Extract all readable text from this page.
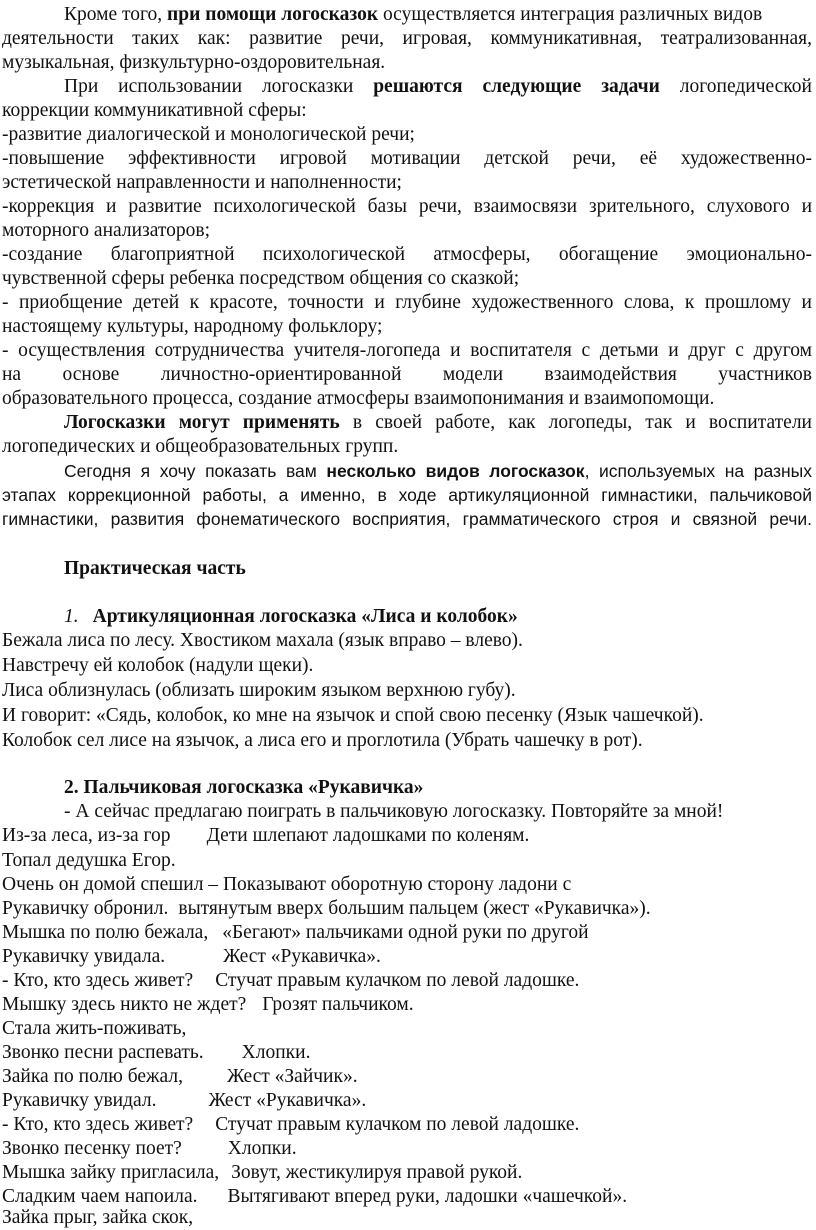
Кроме того, при помощи логосказок осуществляется интеграция различных видов
деятельности таких как: развитие речи, игровая, коммуникативная, театрализованная,
музыкальная, физкультурно-оздоровительная.
При использовании логосказки решаются следующие задачи логопедической
коррекции коммуникативной сферы:
-развитие диалогической и монологической речи;
-повышение эффективности игровой мотивации детской речи, её художественно-
эстетической направленности и наполненности;
-коррекция и развитие психологической базы речи, взаимосвязи зрительного, слухового и
моторного анализаторов;
-создание благоприятной психологической атмосферы, обогащение эмоционально-
чувственной сферы ребенка посредством общения со сказкой;
- приобщение детей к красоте, точности и глубине художественного слова, к прошлому и
настоящему культуры, народному фольклору;
- осуществления сотрудничества учителя-логопеда и воспитателя с детьми и друг с другом
на основе личностно-ориентированной модели взаимодействия участников
образовательного процесса, создание атмосферы взаимопонимания и взаимопомощи.
Логосказки могут применять в своей работе, как логопеды, так и воспитатели
логопедических и общеобразовательных групп.
Сегодня я хочу показать вам несколько видов логосказок, используемых на разных
этапах коррекционной работы, а именно, в ходе артикуляционной гимнастики, пальчиковой
гимнастики, развития фонематического восприятия, грамматического строя и связной речи.
Практическая часть
1. Артикуляционная логосказка «Лиса и колобок»
Бежала лиса по лесу. Хвостиком махала (язык вправо – влево).
Навстречу ей колобок (надули щеки).
Лиса облизнулась (облизать широким языком верхнюю губу).
И говорит: «Сядь, колобок, ко мне на язычок и спой свою песенку (Язык чашечкой).
Колобок сел лисе на язычок, а лиса его и проглотила (Убрать чашечку в рот).
2. Пальчиковая логосказка «Рукавичка»
- А сейчас предлагаю поиграть в пальчиковую логосказку. Повторяйте за мной!
Из-за леса, из-за гор Дети шлепают ладошками по коленям.
Топал дедушка Егор.
Очень он домой спешил – Показывают оборотную сторону ладони с
Рукавичку обронил. вытянутым вверх большим пальцем (жест «Рукавичка»).
Мышка по полю бежала, «Бегают» пальчиками одной руки по другой
Рукавичку увидала.	Жест «Рукавичка».
- Кто, кто здесь живет? Стучат правым кулачком по левой ладошке.
Мышку здесь никто не ждет? Грозят пальчиком.
Стала жить-поживать,
Звонко песни распевать. Хлопки.
Зайка по полю бежал, Жест «Зайчик».
Рукавичку увидал.	Жест «Рукавичка».
- Кто, кто здесь живет? Стучат правым кулачком по левой ладошке.
Звонко песенку поет? Хлопки.
Мышка зайку пригласила, Зовут, жестикулируя правой рукой.
Сладким чаем напоила. Вытягивают вперед руки, ладошки «чашечкой».
Зайка прыг, зайка скок,
